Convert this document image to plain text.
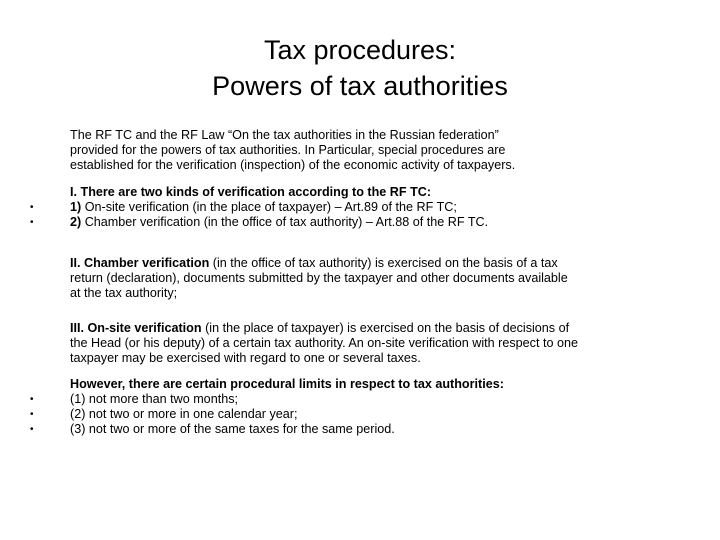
Tax procedures:
Powers of tax authorities
The RF TC and the RF Law “On the tax authorities in the Russian federation”
provided for the powers of tax authorities. In Particular, special procedures are
established for the verification (inspection) of the economic activity of taxpayers.
I. There are two kinds of verification according to the RF TC:
•	1) On-site verification (in the place of taxpayer) – Art.89 of the RF TC;
•	2) Chamber verification (in the office of tax authority) – Art.88 of the RF TC.
II. Chamber verification (in the office of tax authority) is exercised on the basis of a tax
return (declaration), documents submitted by the taxpayer and other documents available
at the tax authority;
III. On-site verification (in the place of taxpayer) is exercised on the basis of decisions of
the Head (or his deputy) of a certain tax authority. An on-site verification with respect to one
taxpayer may be exercised with regard to one or several taxes.
However, there are certain procedural limits in respect to tax authorities:
•	(1) not more than two months;
•	(2) not two or more in one calendar year;
•	(3) not two or more of the same taxes for the same period.
